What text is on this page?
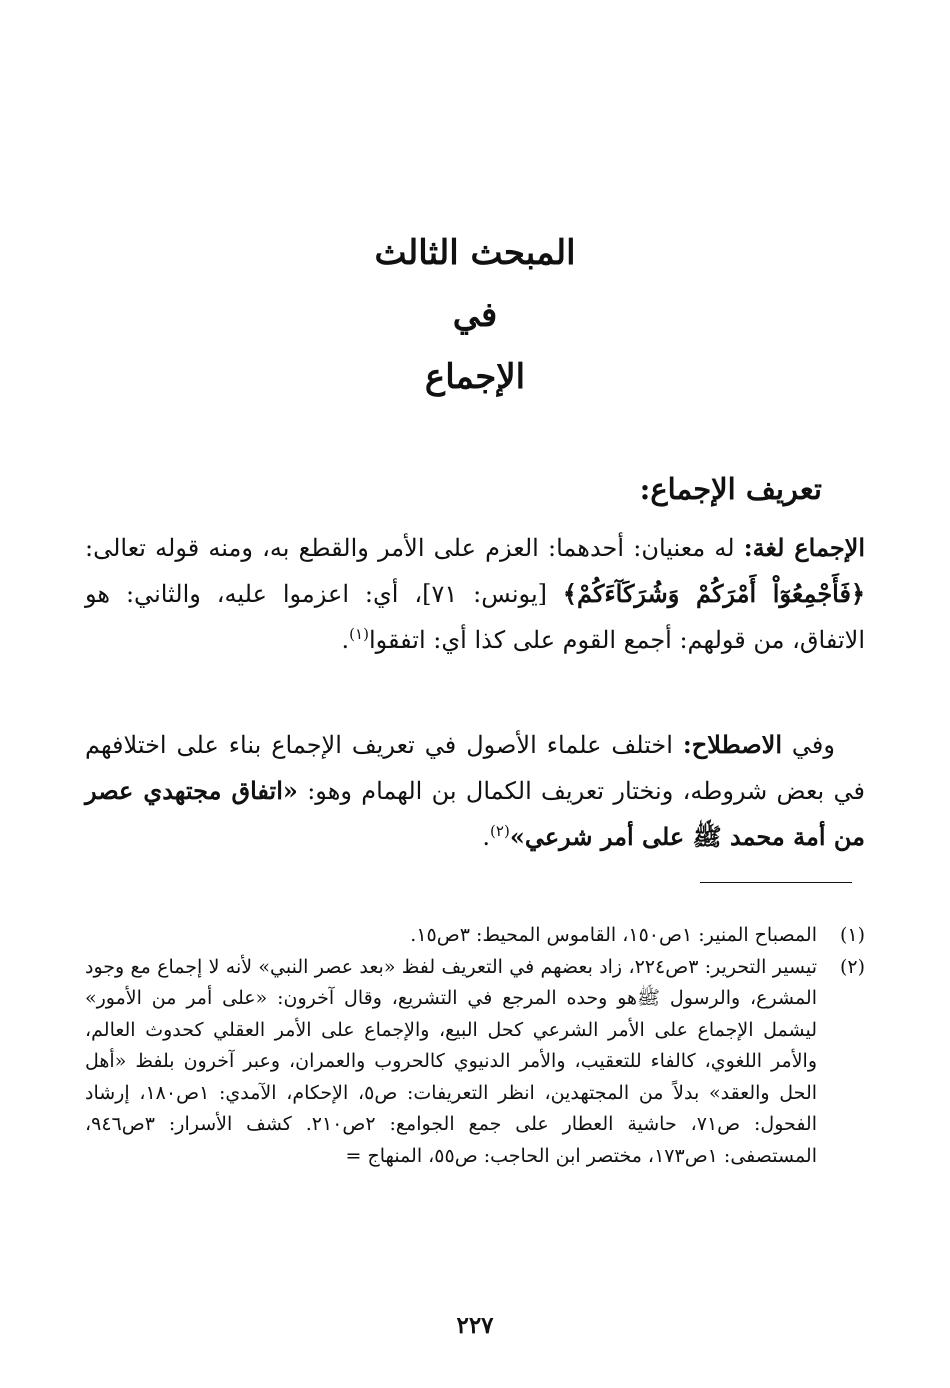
المبحث الثالث
في
الإجماع
تعريف الإجماع:
الإجماع لغة: له معنيان: أحدهما: العزم على الأمر والقطع به، ومنه قوله تعالى: ﴿فَأَجْمِعُوٓاْ أَمْرَكُمْ وَشُرَكَآءَكُمْ﴾ [يونس: ٧١]، أي: اعزموا عليه، والثاني: هو الاتفاق، من قولهم: أجمع القوم على كذا أي: اتفقوا$^{(١)}$.
وفي الاصطلاح: اختلف علماء الأصول في تعريف الإجماع بناء على اختلافهم في بعض شروطه، ونختار تعريف الكمال بن الهمام وهو: «اتفاق مجتهدي عصر من أمة محمد ﷺ على أمر شرعي»$^{(٢)}$.
(١)
المصباح المنير: ١ص١٥٠، القاموس المحيط: ٣ص١٥.
(٢)
تيسير التحرير: ٣ص٢٢٤، زاد بعضهم في التعريف لفظ «بعد عصر النبي» لأنه لا إجماع مع وجود المشرع، والرسول ﷺهو وحده المرجع في التشريع، وقال آخرون: «على أمر من الأمور» ليشمل الإجماع على الأمر الشرعي كحل البيع، والإجماع على الأمر العقلي كحدوث العالم، والأمر اللغوي، كالفاء للتعقيب، والأمر الدنيوي كالحروب والعمران، وعبر آخرون بلفظ «أهل الحل والعقد» بدلاً من المجتهدين، انظر التعريفات: ص٥، الإحكام، الآمدي: ١ص١٨٠، إرشاد الفحول: ص٧١، حاشية العطار على جمع الجوامع: ٢ص٢١٠. كشف الأسرار: ٣ص٩٤٦، المستصفى: ١ص١٧٣، مختصر ابن الحاجب: ص٥٥، المنهاج =
٢٢٧
